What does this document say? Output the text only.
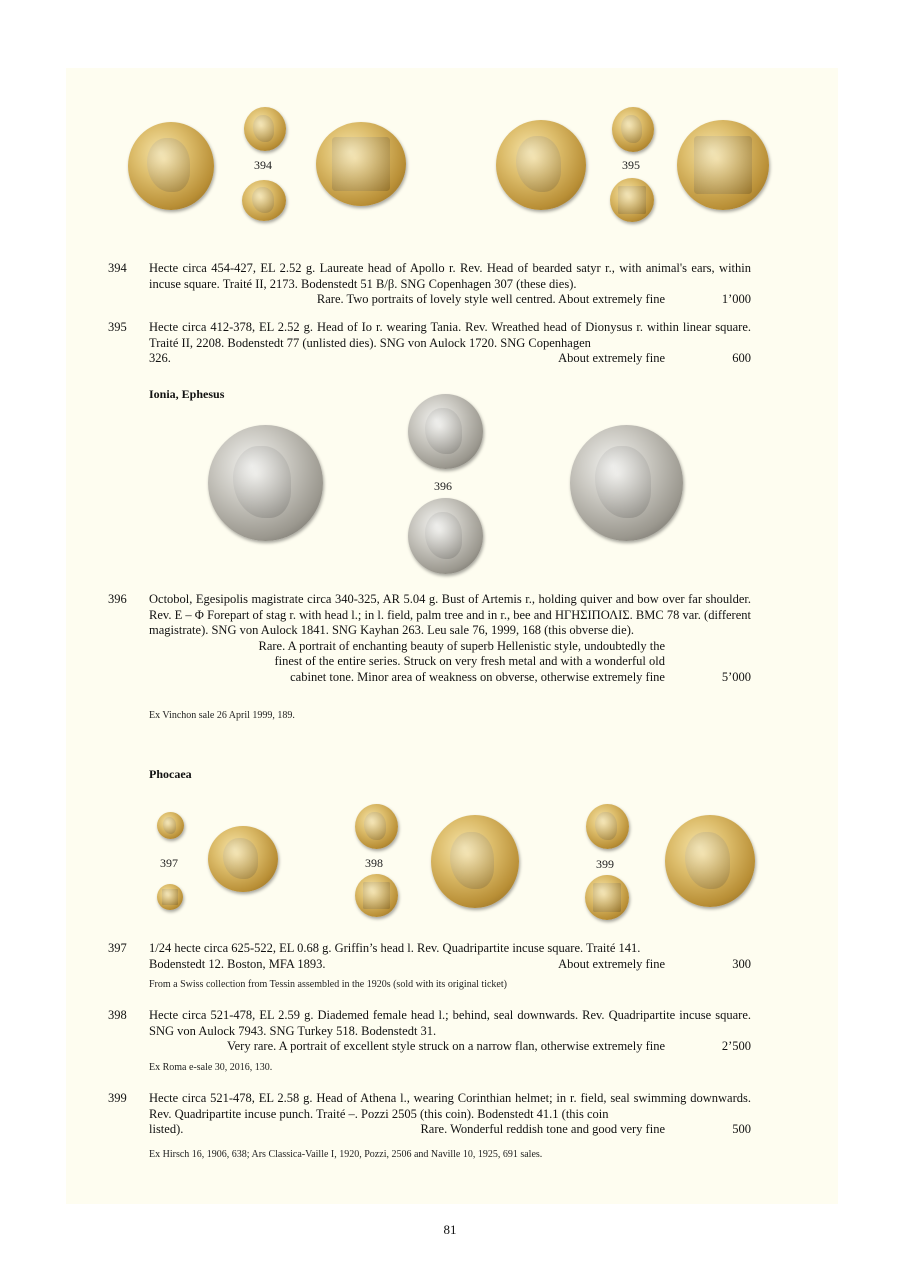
394	395
394 Hecte circa 454-427, EL 2.52 g. Laureate head of Apollo r. Rev. Head of bearded satyr r., with animal's ears, within incuse square. Traité II, 2173. Bodenstedt 51 B/β. SNG Copenhagen 307 (these dies).
Rare. Two portraits of lovely style well centred. About extremely fine	1’000
395 Hecte circa 412-378, EL 2.52 g. Head of Io r. wearing Tania. Rev. Wreathed head of Dionysus r. within linear square. Traité II, 2208. Bodenstedt 77 (unlisted dies). SNG von Aulock 1720. SNG Copenhagen
326.	About extremely fine	600
Ionia, Ephesus
396
396 Octobol, Egesipolis magistrate circa 340-325, AR 5.04 g. Bust of Artemis r., holding quiver and bow over far shoulder. Rev. E – Φ Forepart of stag r. with head l.; in l. field, palm tree and in r., bee and ΗΓΗΣΙΠΟΛΙΣ. BMC 78 var. (different magistrate). SNG von Aulock 1841. SNG Kayhan 263. Leu sale 76, 1999, 168 (this obverse die).
Rare. A portrait of enchanting beauty of superb Hellenistic style, undoubtedly the
finest of the entire series. Struck on very fresh metal and with a wonderful old
cabinet tone. Minor area of weakness on obverse, otherwise extremely fine	5’000
Ex Vinchon sale 26 April 1999, 189.
Phocaea
397	398	399
397 1/24 hecte circa 625-522, EL 0.68 g. Griffin’s head l. Rev. Quadripartite incuse square. Traité 141.
Bodenstedt 12. Boston, MFA 1893.	About extremely fine	300
From a Swiss collection from Tessin assembled in the 1920s (sold with its original ticket)
398 Hecte circa 521-478, EL 2.59 g. Diademed female head l.; behind, seal downwards. Rev. Quadripartite incuse square. SNG von Aulock 7943. SNG Turkey 518. Bodenstedt 31.
Very rare. A portrait of excellent style struck on a narrow flan, otherwise extremely fine	2’500
Ex Roma e-sale 30, 2016, 130.
399 Hecte circa 521-478, EL 2.58 g. Head of Athena l., wearing Corinthian helmet; in r. field, seal swimming downwards. Rev. Quadripartite incuse punch. Traité –. Pozzi 2505 (this coin). Bodenstedt 41.1 (this coin
listed).	Rare. Wonderful reddish tone and good very fine	500
Ex Hirsch 16, 1906, 638; Ars Classica-Vaille I, 1920, Pozzi, 2506 and Naville 10, 1925, 691 sales.
81
